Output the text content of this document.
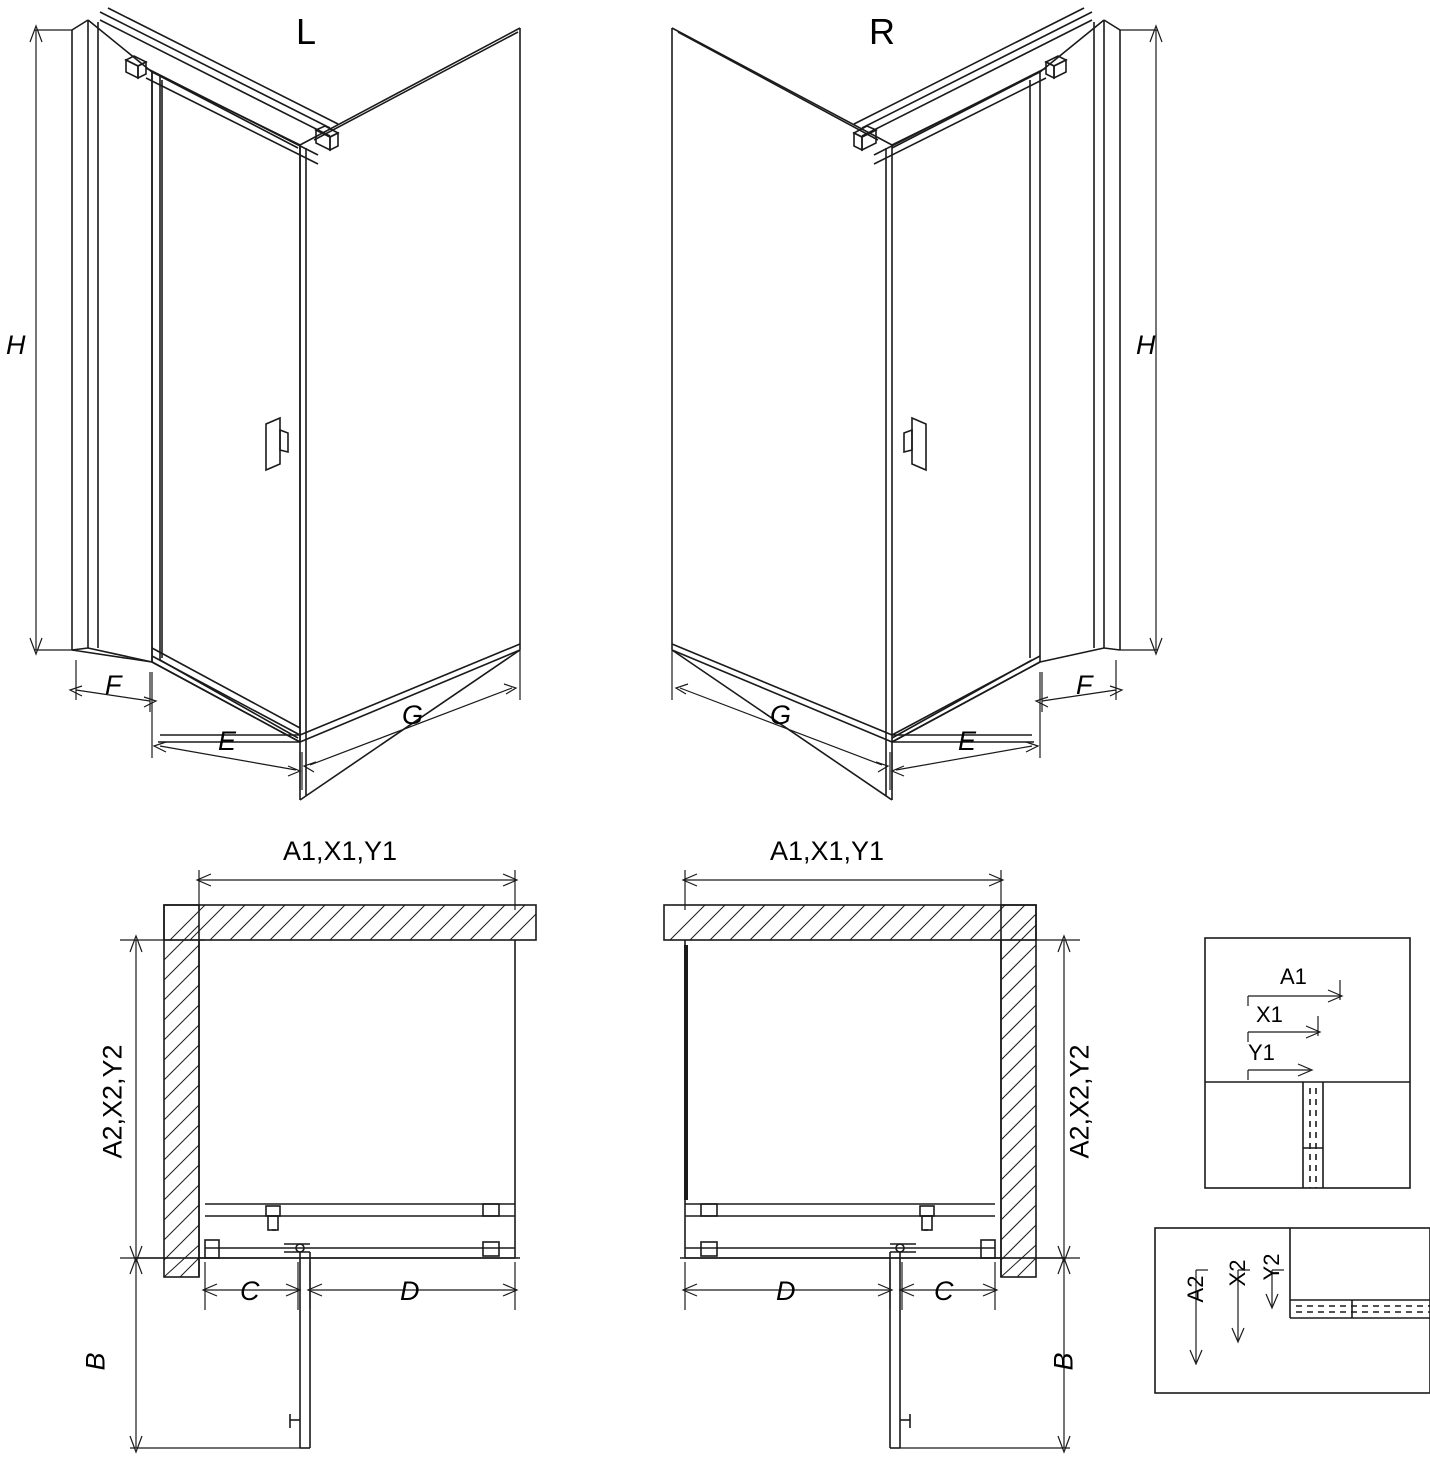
L	R
H	H
F
E
G	G
E
F
A1,X1,Y1	A1,X1,Y1
A2,X2,Y2	A2,X2,Y2
C	D	D	C
B	B
A1
X1
Y1
A2
X2 Y2
